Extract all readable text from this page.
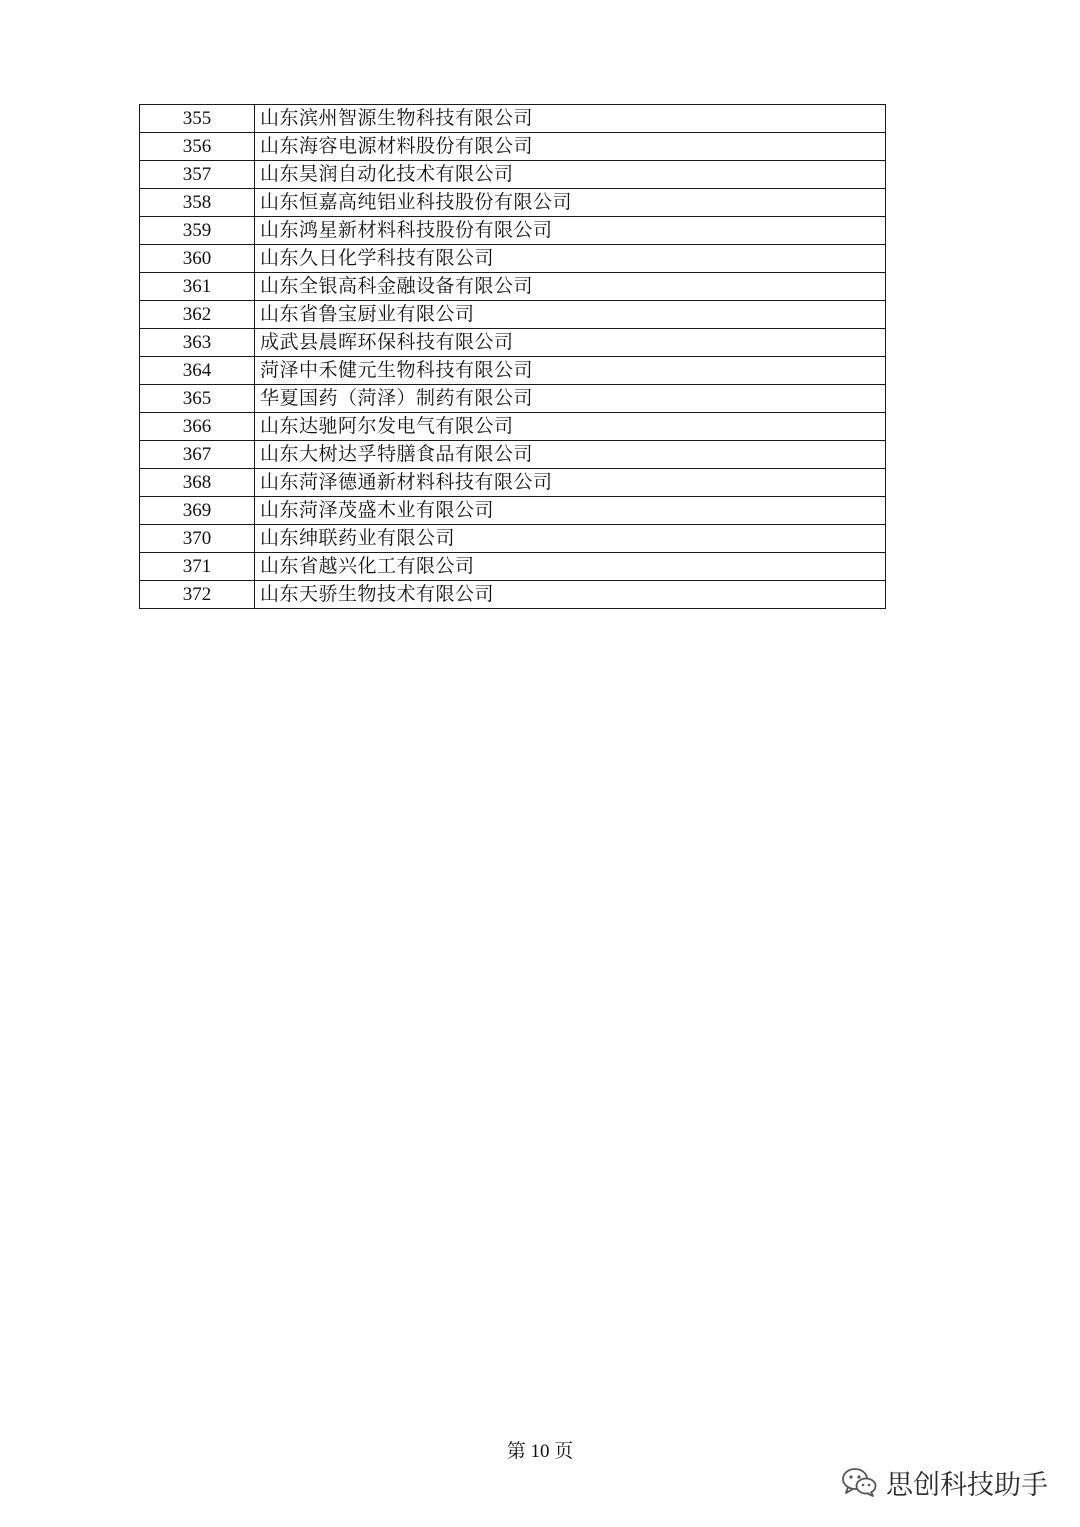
355	山东滨州智源生物科技有限公司
356	山东海容电源材料股份有限公司
357	山东昊润自动化技术有限公司
358	山东恒嘉高纯铝业科技股份有限公司
359	山东鸿星新材料科技股份有限公司
360	山东久日化学科技有限公司
361	山东全银高科金融设备有限公司
362	山东省鲁宝厨业有限公司
363	成武县晨晖环保科技有限公司
364	菏泽中禾健元生物科技有限公司
365	华夏国药（菏泽）制药有限公司
366	山东达驰阿尔发电气有限公司
367	山东大树达孚特膳食品有限公司
368	山东菏泽德通新材料科技有限公司
369	山东菏泽茂盛木业有限公司
370	山东绅联药业有限公司
371	山东省越兴化工有限公司
372	山东天骄生物技术有限公司
第 10 页
思创科技助手
